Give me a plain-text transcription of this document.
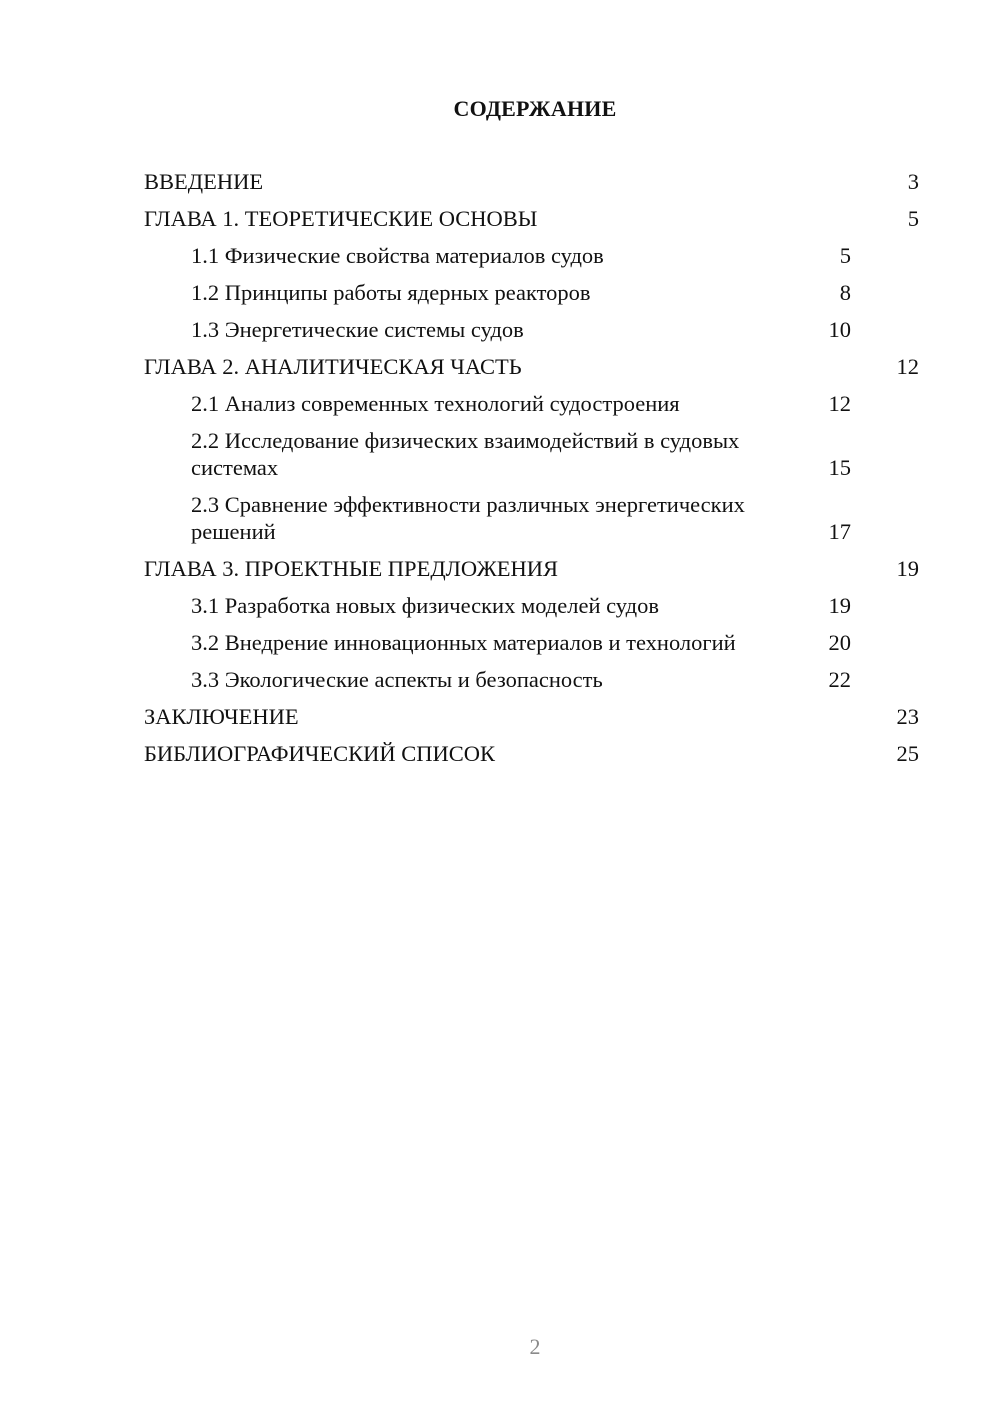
СОДЕРЖАНИЕ
ВВЕДЕНИЕ	3
ГЛАВА 1. ТЕОРЕТИЧЕСКИЕ ОСНОВЫ	5
1.1 Физические свойства материалов судов	5
1.2 Принципы работы ядерных реакторов	8
1.3 Энергетические системы судов	10
ГЛАВА 2. АНАЛИТИЧЕСКАЯ ЧАСТЬ	12
2.1 Анализ современных технологий судостроения	12
2.2 Исследование физических взаимодействий в судовых системах	15
2.3 Сравнение эффективности различных энергетических решений	17
ГЛАВА 3. ПРОЕКТНЫЕ ПРЕДЛОЖЕНИЯ	19
3.1 Разработка новых физических моделей судов	19
3.2 Внедрение инновационных материалов и технологий	20
3.3 Экологические аспекты и безопасность	22
ЗАКЛЮЧЕНИЕ	23
БИБЛИОГРАФИЧЕСКИЙ СПИСОК	25
2
